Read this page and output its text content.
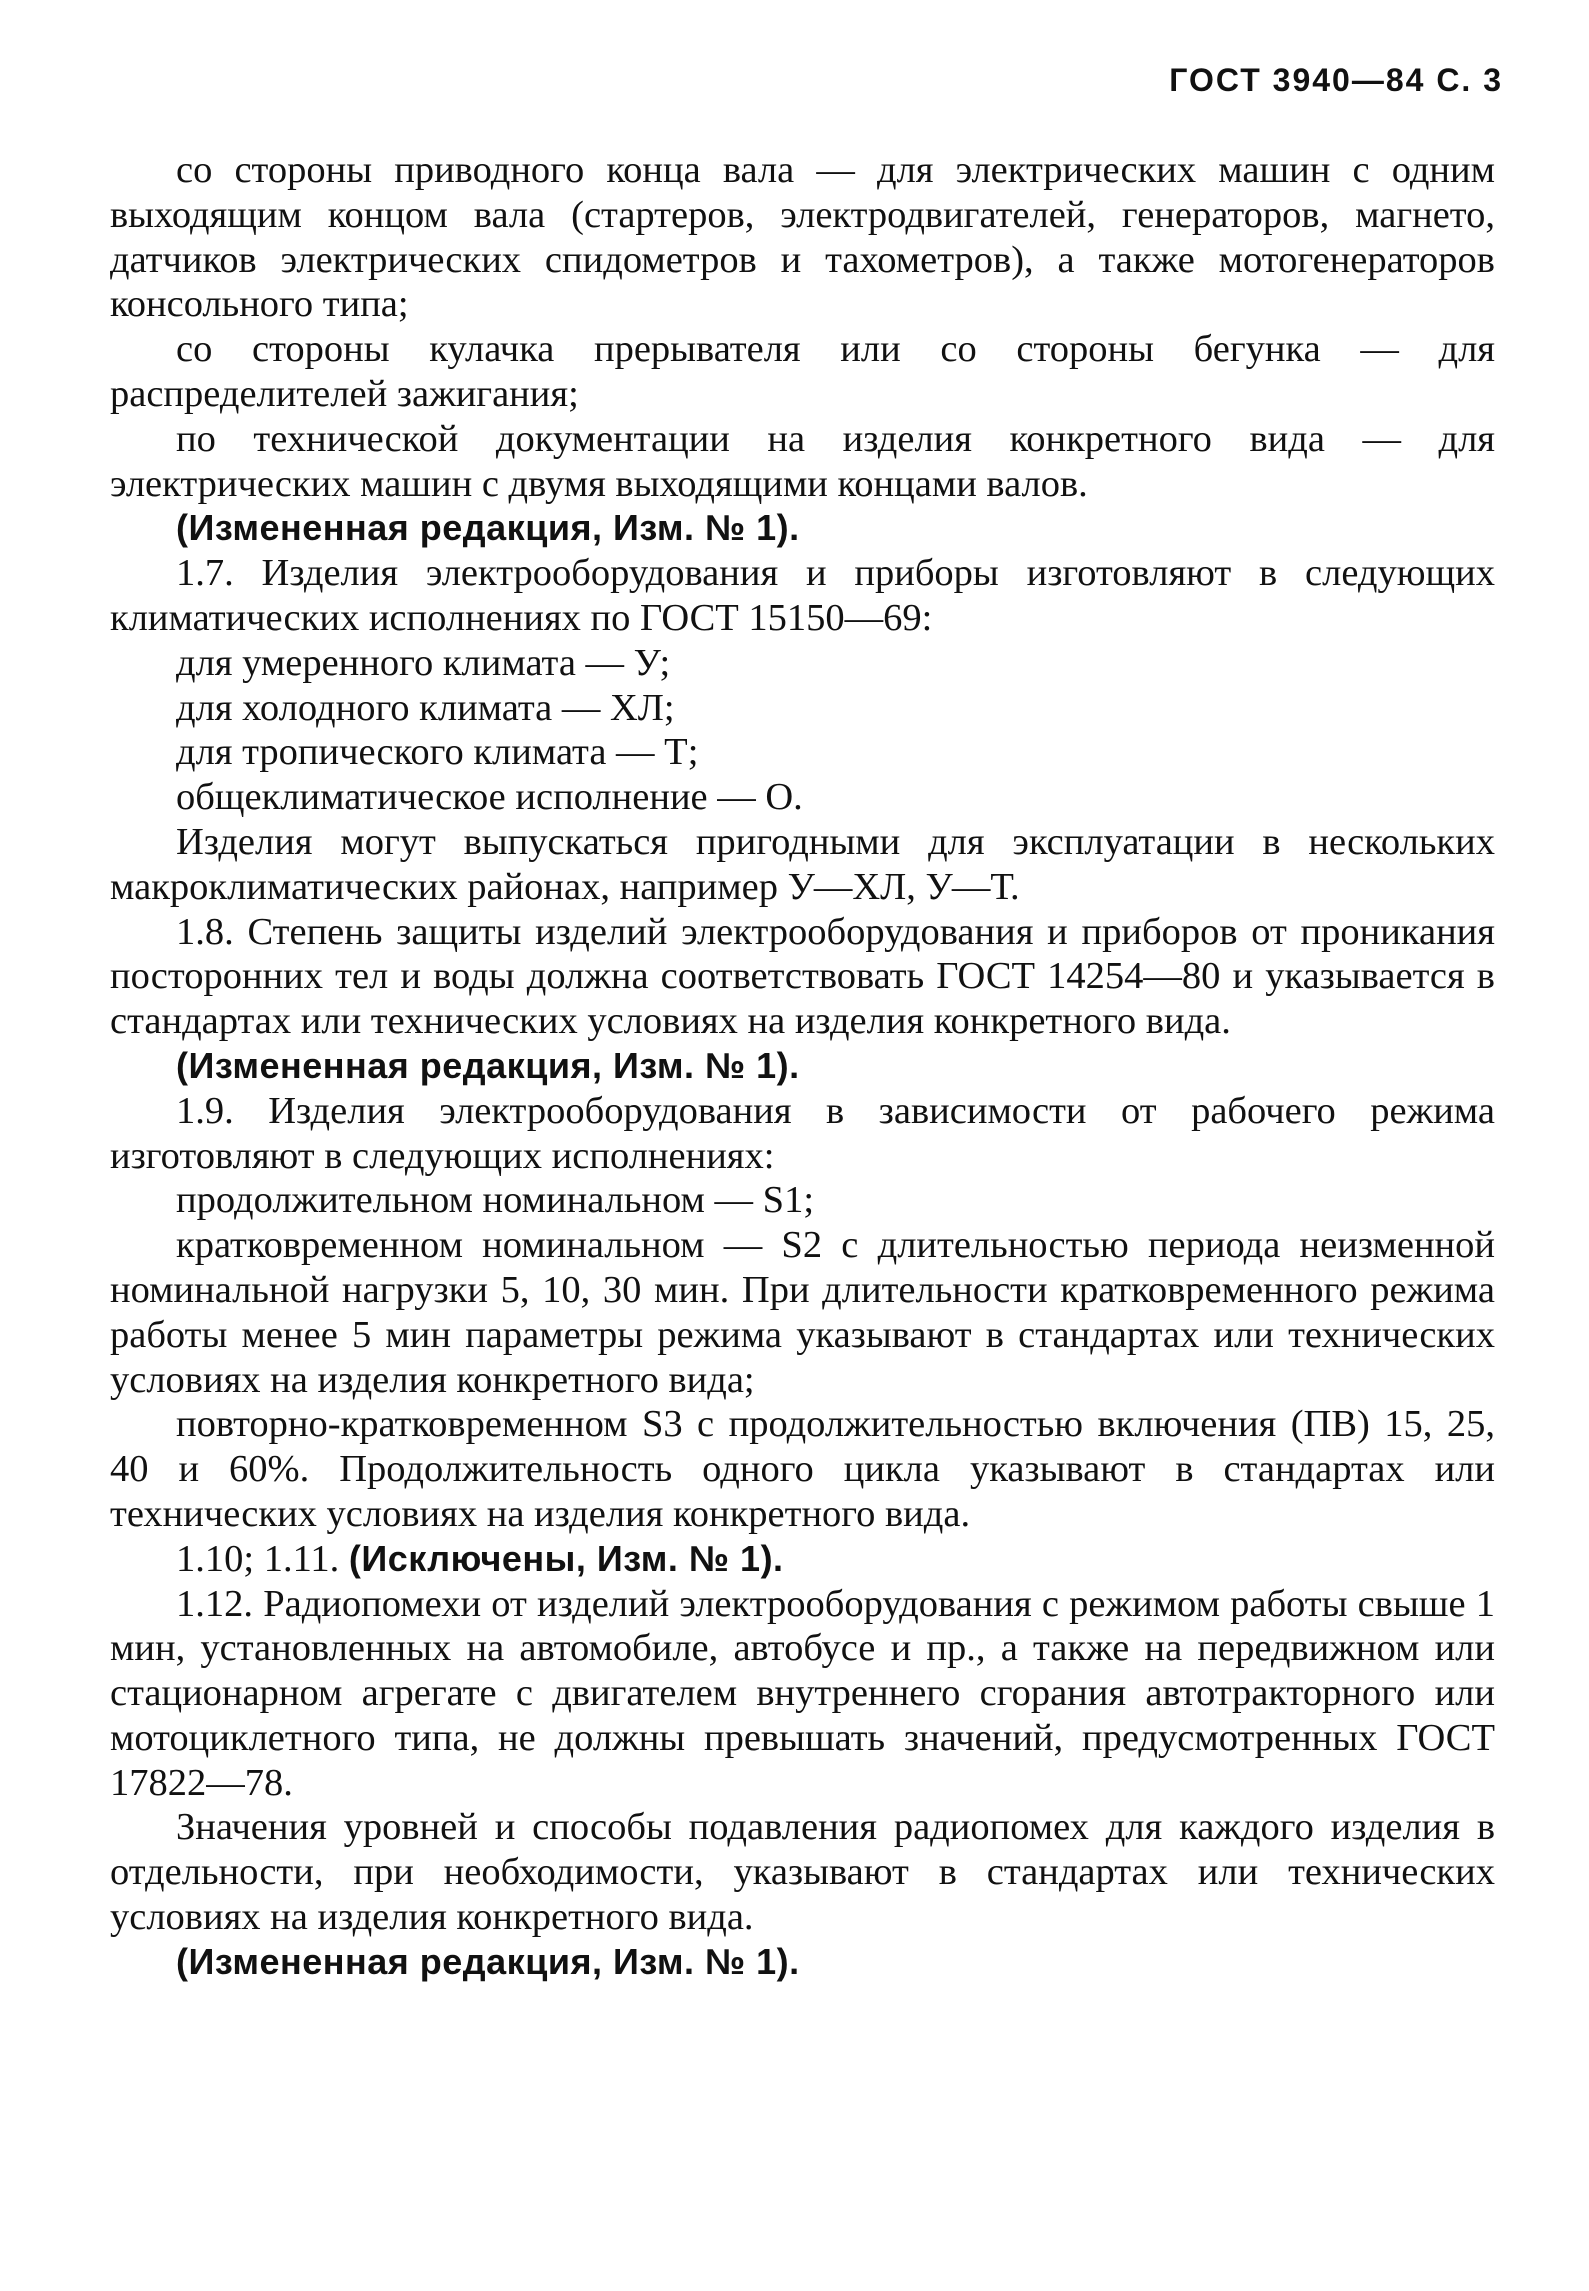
ГОСТ 3940—84 С. 3

со стороны приводного конца вала — для электрических машин с одним выходящим концом вала (стартеров, электродвигателей, генераторов, магнето, датчиков электрических спидометров и тахометров), а также мотогенераторов консольного типа;

со стороны кулачка прерывателя или со стороны бегунка — для распределителей зажигания;

по технической документации на изделия конкретного вида — для электрических машин с двумя выходящими концами валов.

(Измененная редакция, Изм. № 1).

1.7. Изделия электрооборудования и приборы изготовляют в следующих климатических исполнениях по ГОСТ 15150—69:

для умеренного климата — У;

для холодного климата — ХЛ;

для тропического климата — Т;

общеклиматическое исполнение — О.

Изделия могут выпускаться пригодными для эксплуатации в нескольких макроклиматических районах, например У—ХЛ, У—Т.

1.8. Степень защиты изделий электрооборудования и приборов от проникания посторонних тел и воды должна соответствовать ГОСТ 14254—80 и указывается в стандартах или технических условиях на изделия конкретного вида.

(Измененная редакция, Изм. № 1).

1.9. Изделия электрооборудования в зависимости от рабочего режима изготовляют в следующих исполнениях:

продолжительном номинальном — S1;

кратковременном номинальном — S2 с длительностью периода неизменной номинальной нагрузки 5, 10, 30 мин. При длительности кратковременного режима работы менее 5 мин параметры режима указывают в стандартах или технических условиях на изделия конкретного вида;

повторно-кратковременном S3 с продолжительностью включения (ПВ) 15, 25, 40 и 60%. Продолжительность одного цикла указывают в стандартах или технических условиях на изделия конкретного вида.

1.10; 1.11. (Исключены, Изм. № 1).

1.12. Радиопомехи от изделий электрооборудования с режимом работы свыше 1 мин, установленных на автомобиле, автобусе и пр., а также на передвижном или стационарном агрегате с двигателем внутреннего сгорания автотракторного или мотоциклетного типа, не должны превышать значений, предусмотренных ГОСТ 17822—78.

Значения уровней и способы подавления радиопомех для каждого изделия в отдельности, при необходимости, указывают в стандартах или технических условиях на изделия конкретного вида.

(Измененная редакция, Изм. № 1).
